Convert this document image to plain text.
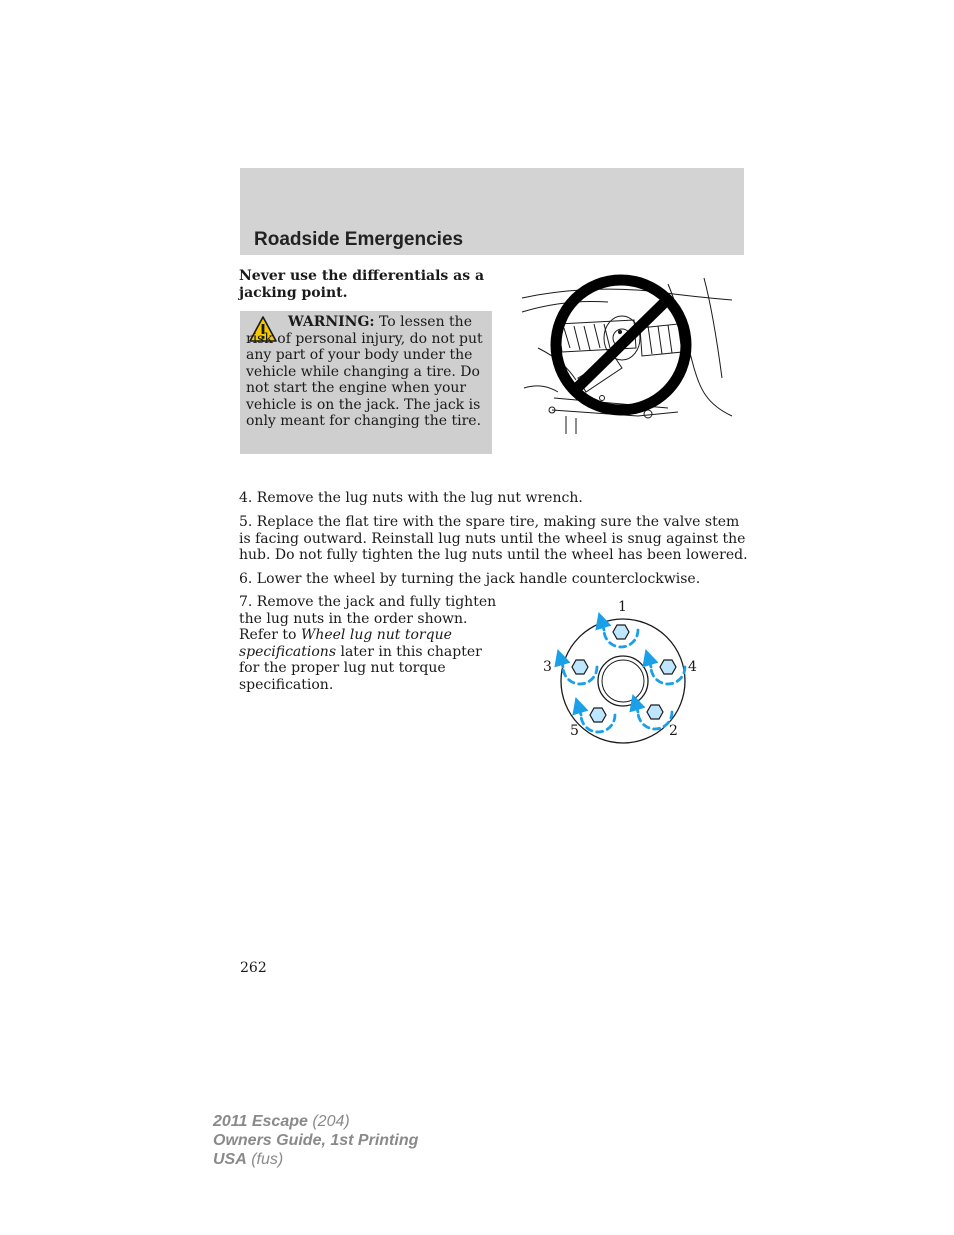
Roadside Emergencies
Never use the differentials as a jacking point.

WARNING: To lessen the risk of personal injury, do not put any part of your body under the vehicle while changing a tire. Do not start the engine when your vehicle is on the jack. The jack is only meant for changing the tire.

4. Remove the lug nuts with the lug nut wrench.

5. Replace the flat tire with the spare tire, making sure the valve stem is facing outward. Reinstall lug nuts until the wheel is snug against the hub. Do not fully tighten the lug nuts until the wheel has been lowered.

6. Lower the wheel by turning the jack handle counterclockwise.

7. Remove the jack and fully tighten the lug nuts in the order shown. Refer to Wheel lug nut torque specifications later in this chapter for the proper lug nut torque specification.

1
4
3
5	2
262
2011 Escape (204)
Owners Guide, 1st Printing
USA (fus)
